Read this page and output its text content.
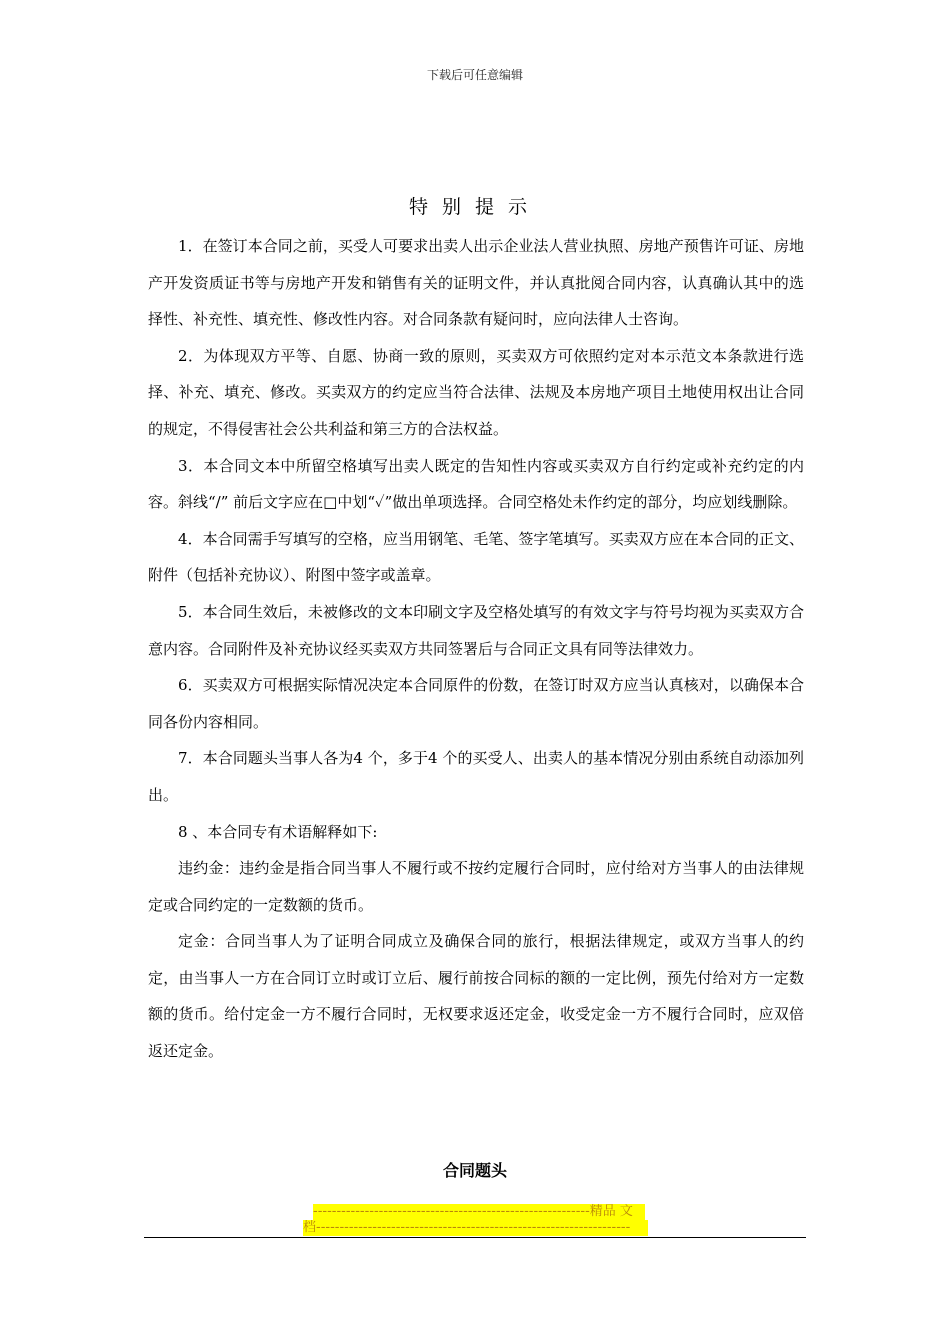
下载后可任意编辑
特别提示

1．在签订本合同之前，买受人可要求出卖人出示企业法人营业执照、房地产预售许可证、房地产开发资质证书等与房地产开发和销售有关的证明文件，并认真批阅合同内容，认真确认其中的选择性、补充性、填充性、修改性内容。对合同条款有疑问时，应向法律人士咨询。

2．为体现双方平等、自愿、协商一致的原则，买卖双方可依照约定对本示范文本条款进行选择、补充、填充、修改。买卖双方的约定应当符合法律、法规及本房地产项目土地使用权出让合同的规定，不得侵害社会公共利益和第三方的合法权益。

3．本合同文本中所留空格填写出卖人既定的告知性内容或买卖双方自行约定或补充约定的内容。斜线“/” 前后文字应在□中划“✓”做出单项选择。合同空格处未作约定的部分，均应划线删除。

4．本合同需手写填写的空格，应当用钢笔、毛笔、签字笔填写。买卖双方应在本合同的正文、附件（包括补充协议）、附图中签字或盖章。

5．本合同生效后，未被修改的文本印刷文字及空格处填写的有效文字与符号均视为买卖双方合意内容。合同附件及补充协议经买卖双方共同签署后与合同正文具有同等法律效力。

6．买卖双方可根据实际情况决定本合同原件的份数，在签订时双方应当认真核对，以确保本合同各份内容相同。

7．本合同题头当事人各为4 个，多于4 个的买受人、出卖人的基本情况分别由系统自动添加列出。

8 、本合同专有术语解释如下:

违约金：违约金是指合同当事人不履行或不按约定履行合同时，应付给对方当事人的由法律规定或合同约定的一定数额的货币。

定金：合同当事人为了证明合同成立及确保合同的旅行，根据法律规定，或双方当事人的约定，由当事人一方在合同订立时或订立后、履行前按合同标的额的一定比例，预先付给对方一定数额的货币。给付定金一方不履行合同时，无权要求返还定金，收受定金一方不履行合同时，应双倍返还定金。

合同题头
-----------------------------------------------------------精品 文
档-------------------------------------------------------------------
